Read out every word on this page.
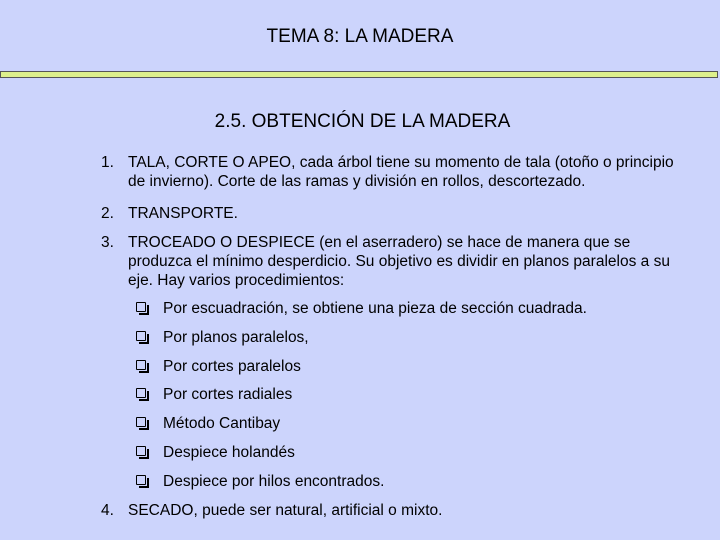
TEMA 8: LA MADERA
2.5. OBTENCIÓN DE LA MADERA
1. TALA, CORTE O APEO, cada árbol tiene su momento de tala (otoño o principio de invierno). Corte de las ramas y división en rollos, descortezado.
2. TRANSPORTE.
3. TROCEADO O DESPIECE (en el aserradero) se hace de manera que se produzca el mínimo desperdicio. Su objetivo es dividir en planos paralelos a su eje. Hay varios procedimientos:
Por escuadración, se obtiene una pieza de sección cuadrada.
Por planos paralelos,
Por cortes paralelos
Por cortes radiales
Método Cantibay
Despiece holandés
Despiece por hilos encontrados.
4. SECADO, puede ser natural, artificial o mixto.
